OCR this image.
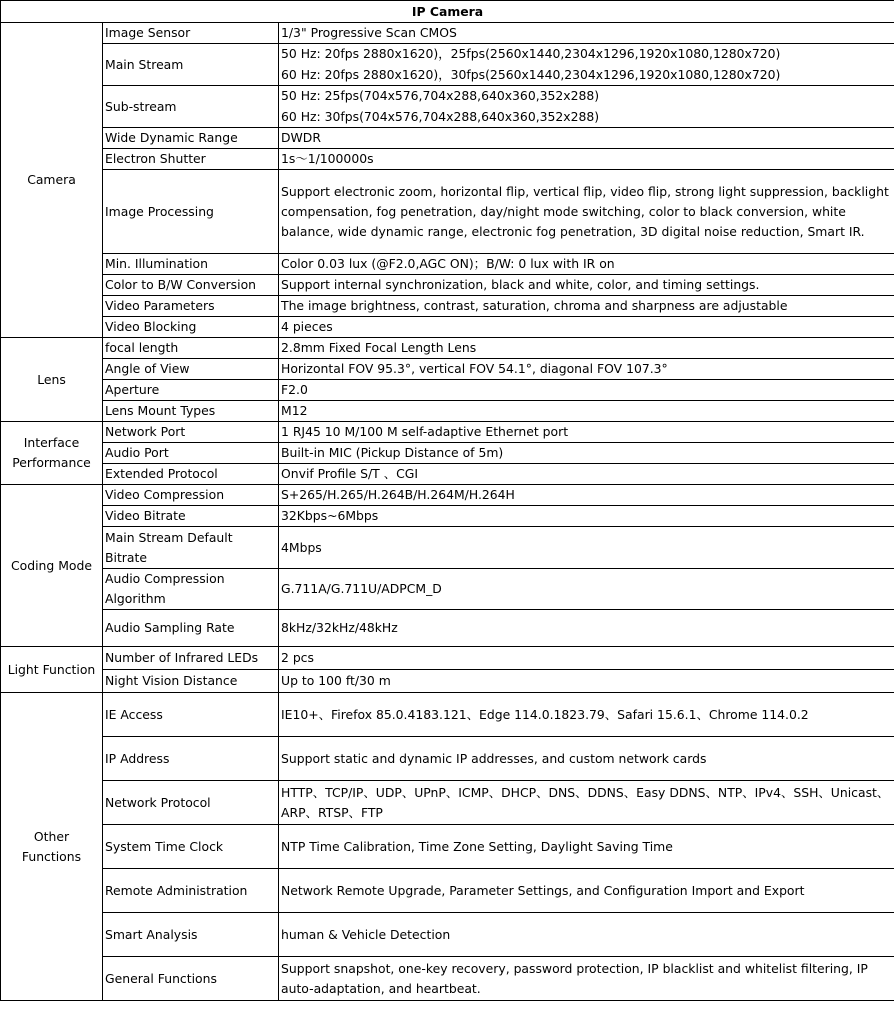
IP Camera		
Camera	Image Sensor	1/3" Progressive Scan CMOS

	Main Stream	50 Hz: 20fps 2880x1620)，25fps(2560x1440,2304x1296,1920x1080,1280x720)
60 Hz: 20fps 2880x1620)，30fps(2560x1440,2304x1296,1920x1080,1280x720)

	Sub-stream	50 Hz: 25fps(704x576,704x288,640x360,352x288)
60 Hz: 30fps(704x576,704x288,640x360,352x288)

	Wide Dynamic Range	DWDR

	Electron Shutter	1s～1/100000s

	Image Processing	Support electronic zoom, horizontal flip, vertical flip, video flip, strong light suppression, backlight compensation, fog penetration, day/night mode switching, color to black conversion, white balance, wide dynamic range, electronic fog penetration, 3D digital noise reduction, Smart IR.

	Min. Illumination	Color 0.03 lux (@F2.0,AGC ON)；B/W: 0 lux with IR on

	Color to B/W Conversion	Support internal synchronization, black and white, color, and timing settings.

	Video Parameters	The image brightness, contrast, saturation, chroma and sharpness are adjustable

	Video Blocking	4 pieces

Lens	focal length	2.8mm Fixed Focal Length Lens

	Angle of View	Horizontal FOV 95.3°, vertical FOV 54.1°, diagonal FOV 107.3°

	Aperture	F2.0

	Lens Mount Types	M12

Interface Performance	Network Port	1 RJ45 10 M/100 M self-adaptive Ethernet port

	Audio Port	Built-in MIC (Pickup Distance of 5m)

	Extended Protocol	Onvif Profile S/T 、CGI

Coding Mode	Video Compression	S+265/H.265/H.264B/H.264M/H.264H

	Video Bitrate	32Kbps~6Mbps

	Main Stream Default Bitrate	4Mbps

	Audio Compression Algorithm	G.711A/G.711U/ADPCM_D

	Audio Sampling Rate	8kHz/32kHz/48kHz

Light Function	Number of Infrared LEDs	2 pcs

	Night Vision Distance	Up to 100 ft/30 m

Other Functions	IE Access	IE10+、Firefox 85.0.4183.121、Edge 114.0.1823.79、Safari 15.6.1、Chrome 114.0.2

	IP Address	Support static and dynamic IP addresses, and custom network cards

	Network Protocol	HTTP、TCP/IP、UDP、UPnP、ICMP、DHCP、DNS、DDNS、Easy DDNS、NTP、IPv4、SSH、Unicast、ARP、RTSP、FTP

	System Time Clock	NTP Time Calibration, Time Zone Setting, Daylight Saving Time

	Remote Administration	Network Remote Upgrade, Parameter Settings, and Configuration Import and Export

	Smart Analysis	human & Vehicle Detection

	General Functions	Support snapshot, one-key recovery, password protection, IP blacklist and whitelist filtering, IP auto-adaptation, and heartbeat.
